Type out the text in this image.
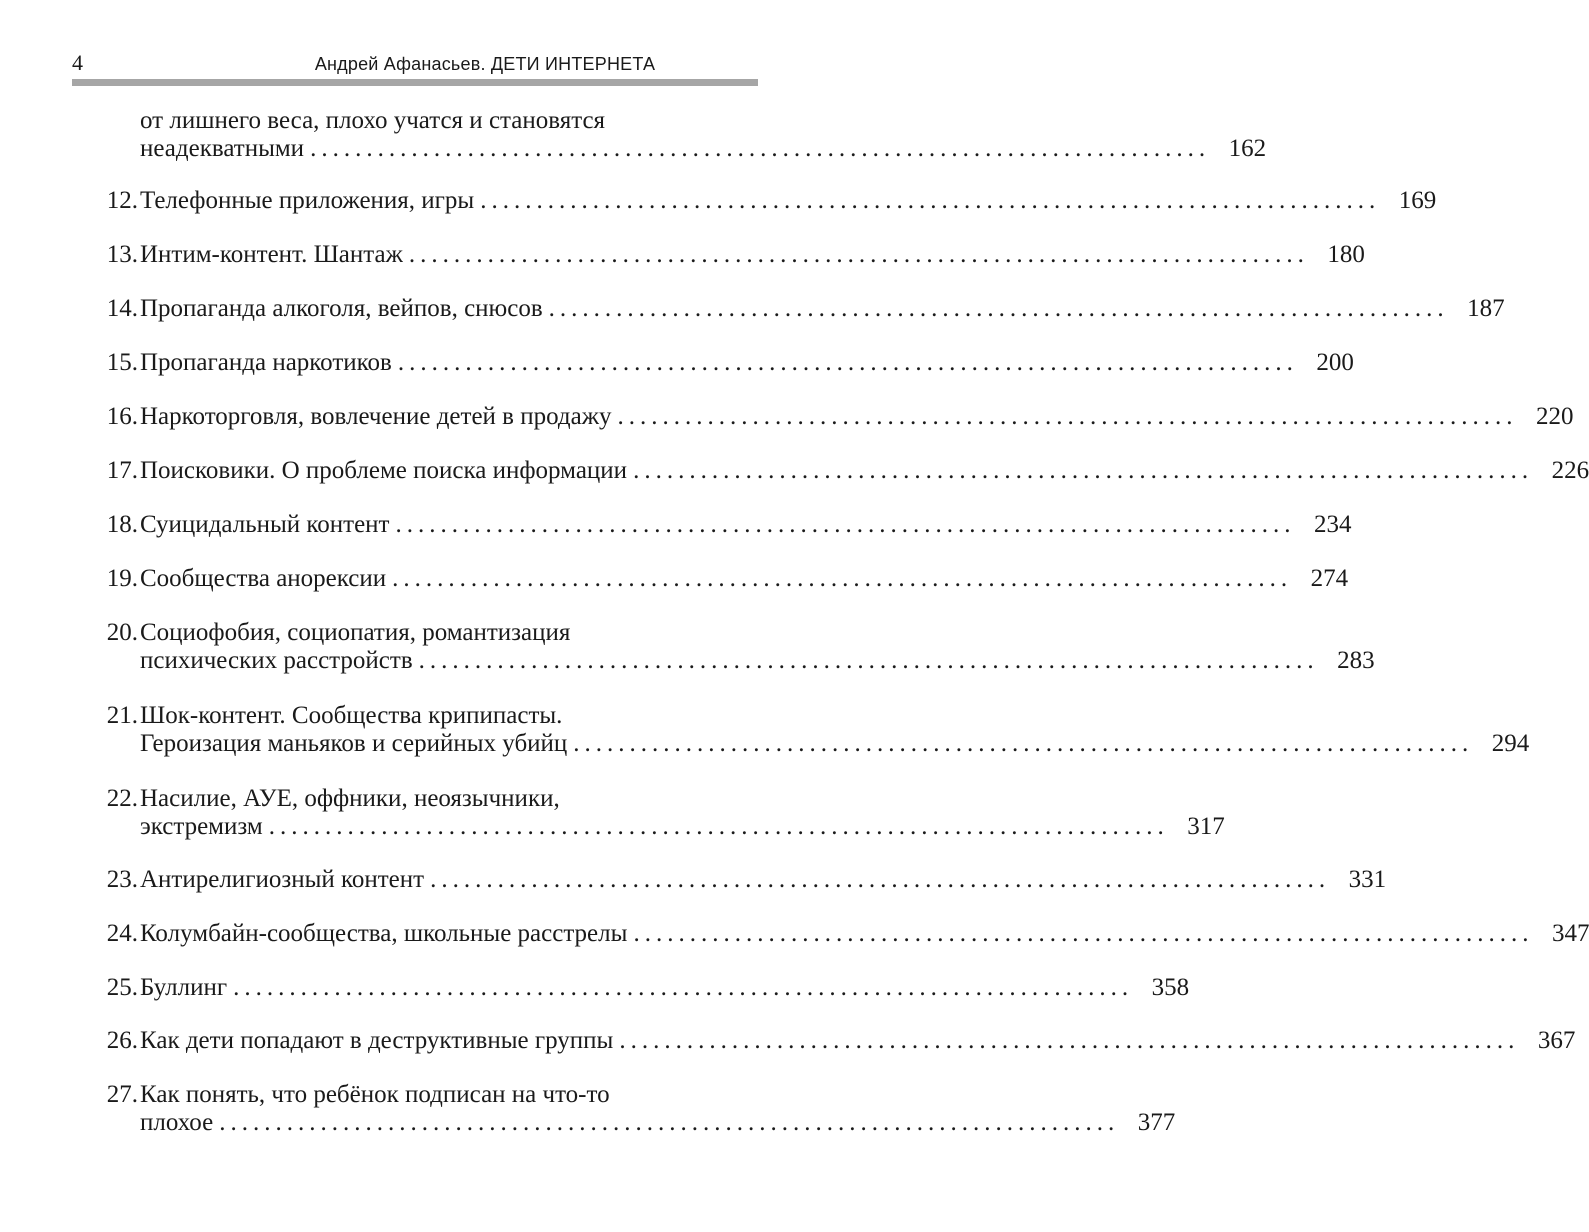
4	Андрей Афанасьев. ДЕТИ ИНТЕРНЕТА
от лишнего веса, плохо учатся и становятся
неадекватными ................................................................................ 162
12. Телефонные приложения, игры ................................................................................ 169
13. Интим-контент. Шантаж ................................................................................ 180
14. Пропаганда алкоголя, вейпов, снюсов ................................................................................ 187
15. Пропаганда наркотиков ................................................................................ 200
16. Наркоторговля, вовлечение детей в продажу ................................................................................ 220
17. Поисковики. О проблеме поиска информации ................................................................................ 226
18. Суицидальный контент ................................................................................ 234
19. Сообщества анорексии ................................................................................ 274
20. Социофобия, социопатия, романтизация
психических расстройств ................................................................................ 283
21. Шок-контент. Сообщества крипипасты.
Героизация маньяков и серийных убийц ................................................................................ 294
22. Насилие, АУЕ, оффники, неоязычники,
экстремизм ................................................................................ 317
23. Антирелигиозный контент ................................................................................ 331
24. Колумбайн-сообщества, школьные расстрелы ................................................................................ 347
25. Буллинг ................................................................................ 358
26. Как дети попадают в деструктивные группы ................................................................................ 367
27. Как понять, что ребёнок подписан на что-то
плохое ................................................................................ 377
